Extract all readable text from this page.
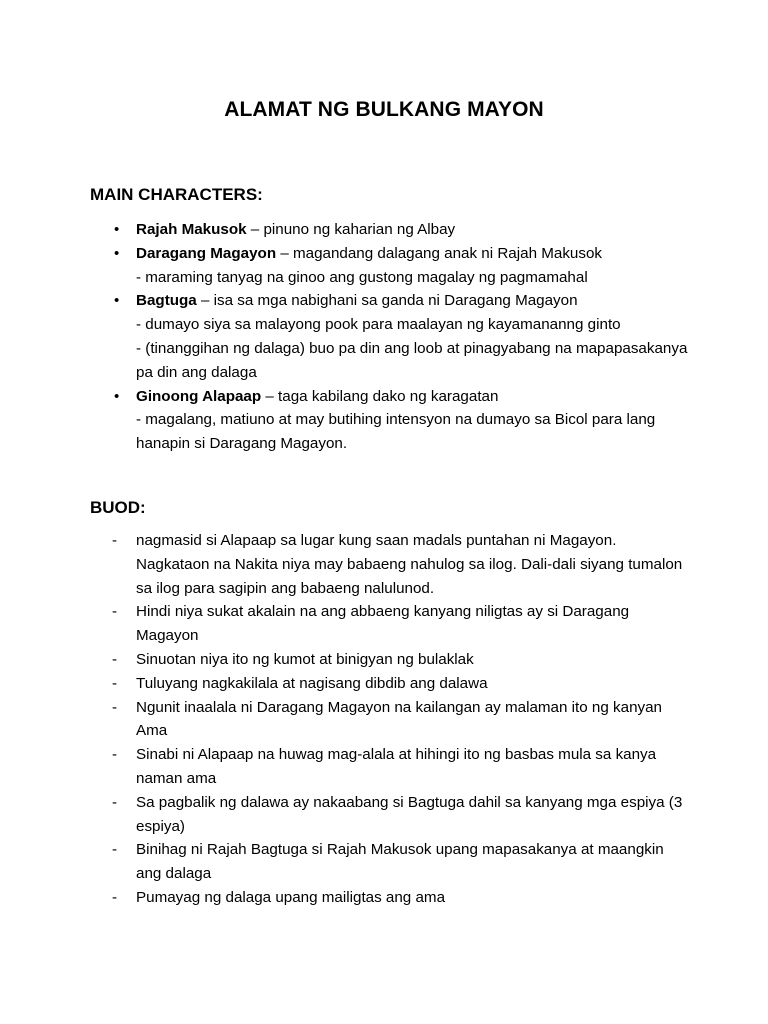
ALAMAT NG BULKANG MAYON
MAIN CHARACTERS:
• Rajah Makusok – pinuno ng kaharian ng Albay
• Daragang Magayon – magandang dalagang anak ni Rajah Makusok
- maraming tanyag na ginoo ang gustong magalay ng pagmamahal
• Bagtuga – isa sa mga nabighani sa ganda ni Daragang Magayon
- dumayo siya sa malayong pook para maalayan ng kayamananng ginto
- (tinanggihan ng dalaga) buo pa din ang loob at pinagyabang na mapapasakanya pa din ang dalaga
• Ginoong Alapaap – taga kabilang dako ng karagatan
- magalang, matiuno at may butihing intensyon na dumayo sa Bicol para lang hanapin si Daragang Magayon.
BUOD:
- nagmasid si Alapaap sa lugar kung saan madals puntahan ni Magayon. Nagkataon na Nakita niya may babaeng nahulog sa ilog. Dali-dali siyang tumalon sa ilog para sagipin ang babaeng nalulunod.
- Hindi niya sukat akalain na ang abbaeng kanyang niligtas ay si Daragang Magayon
- Sinuotan niya ito ng kumot at binigyan ng bulaklak
- Tuluyang nagkakilala at nagisang dibdib ang dalawa
- Ngunit inaalala ni Daragang Magayon na kailangan ay malaman ito ng kanyan Ama
- Sinabi ni Alapaap na huwag mag-alala at hihingi ito ng basbas mula sa kanya naman ama
- Sa pagbalik ng dalawa ay nakaabang si Bagtuga dahil sa kanyang mga espiya (3 espiya)
- Binihag ni Rajah Bagtuga si Rajah Makusok upang mapasakanya at maangkin ang dalaga
- Pumayag ng dalaga upang mailigtas ang ama
